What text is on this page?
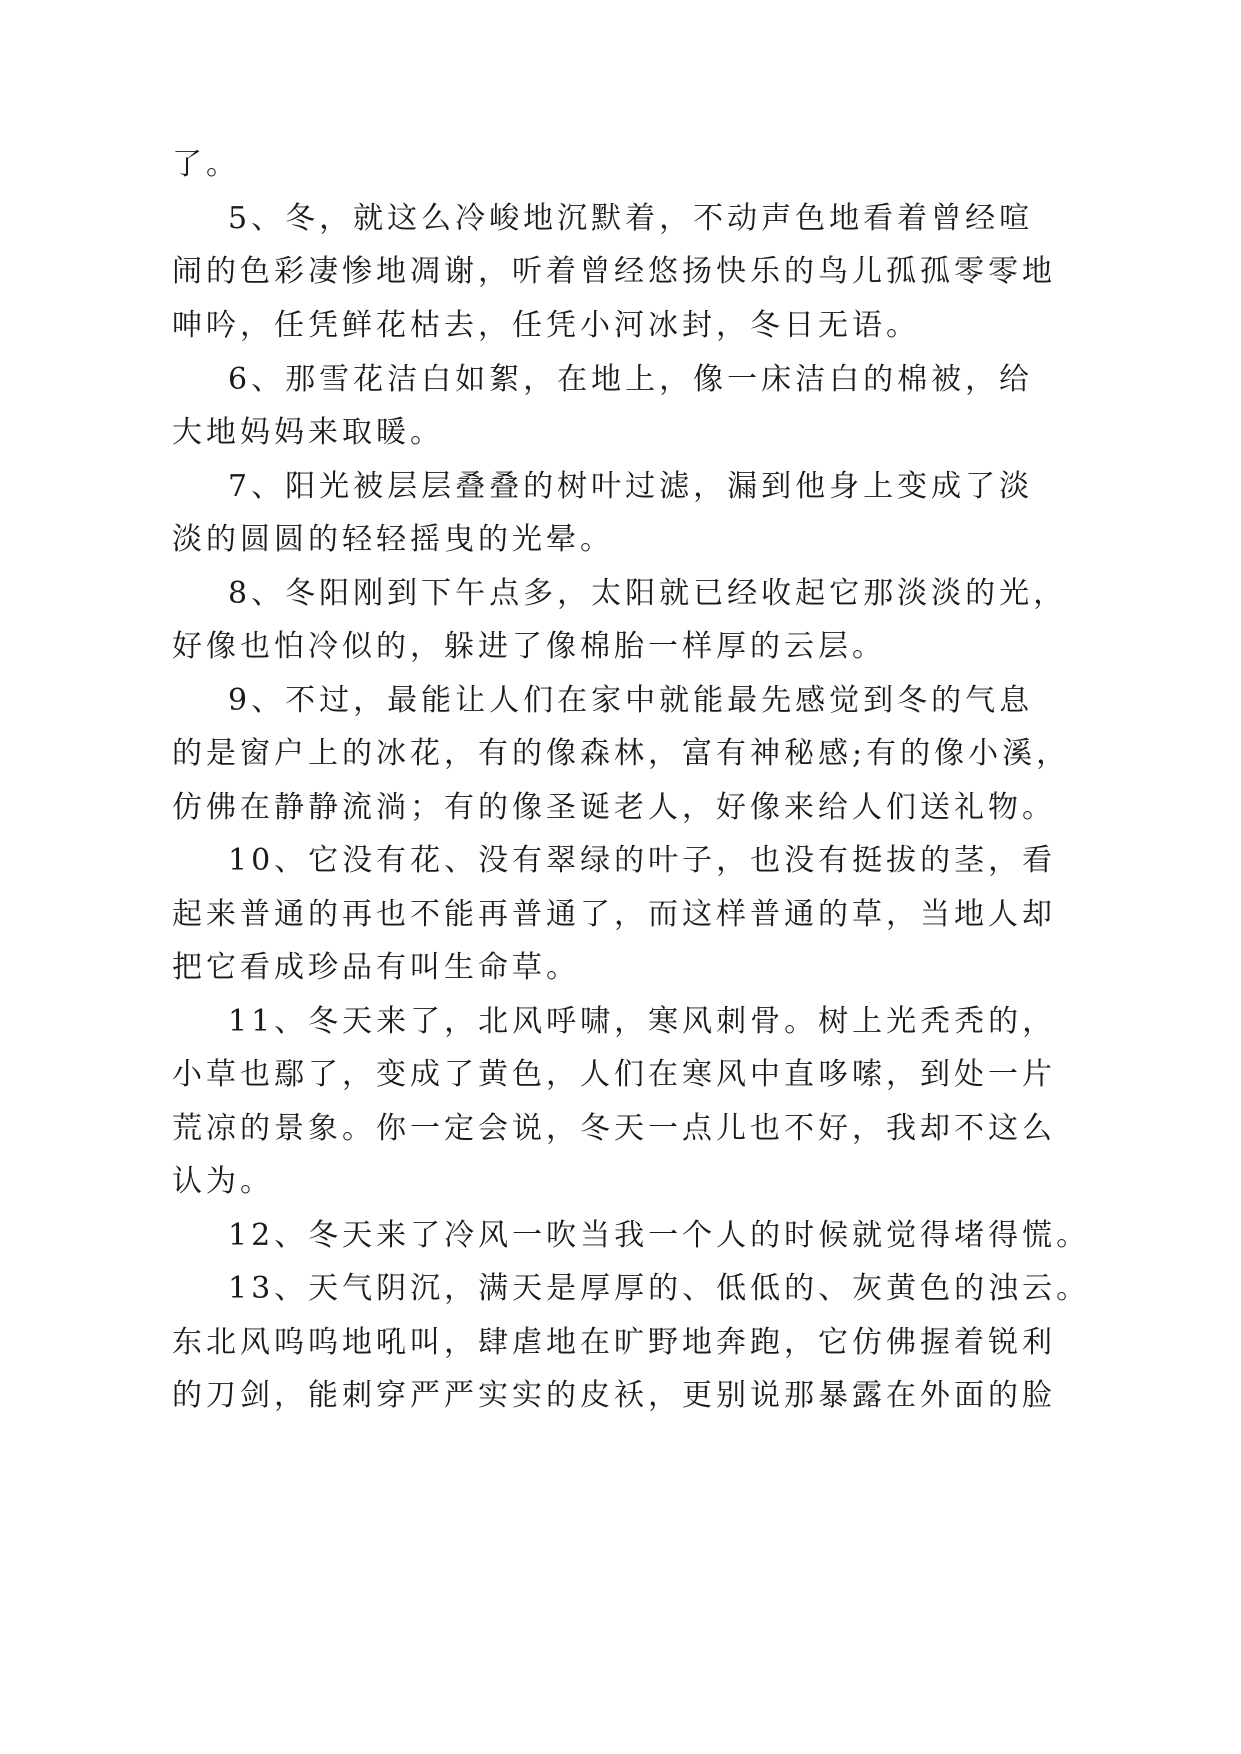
了。
5、冬，就这么冷峻地沉默着，不动声色地看着曾经喧
闹的色彩凄惨地凋谢，听着曾经悠扬快乐的鸟儿孤孤零零地
呻吟，任凭鲜花枯去，任凭小河冰封，冬日无语。
6、那雪花洁白如絮，在地上，像一床洁白的棉被，给
大地妈妈来取暖。
7、阳光被层层叠叠的树叶过滤，漏到他身上变成了淡
淡的圆圆的轻轻摇曳的光晕。
8、冬阳刚到下午点多，太阳就已经收起它那淡淡的光，
好像也怕冷似的，躲进了像棉胎一样厚的云层。
9、不过，最能让人们在家中就能最先感觉到冬的气息
的是窗户上的冰花，有的像森林，富有神秘感;有的像小溪，
仿佛在静静流淌；有的像圣诞老人，好像来给人们送礼物。
10、它没有花、没有翠绿的叶子，也没有挺拔的茎，看
起来普通的再也不能再普通了，而这样普通的草，当地人却
把它看成珍品有叫生命草。
11、冬天来了，北风呼啸，寒风刺骨。树上光秃秃的，
小草也鄢了，变成了黄色，人们在寒风中直哆嗦，到处一片
荒凉的景象。你一定会说，冬天一点儿也不好，我却不这么
认为。
12、冬天来了冷风一吹当我一个人的时候就觉得堵得慌。
13、天气阴沉，满天是厚厚的、低低的、灰黄色的浊云。
东北风呜呜地吼叫，肆虐地在旷野地奔跑，它仿佛握着锐利
的刀剑，能刺穿严严实实的皮袄，更别说那暴露在外面的脸
